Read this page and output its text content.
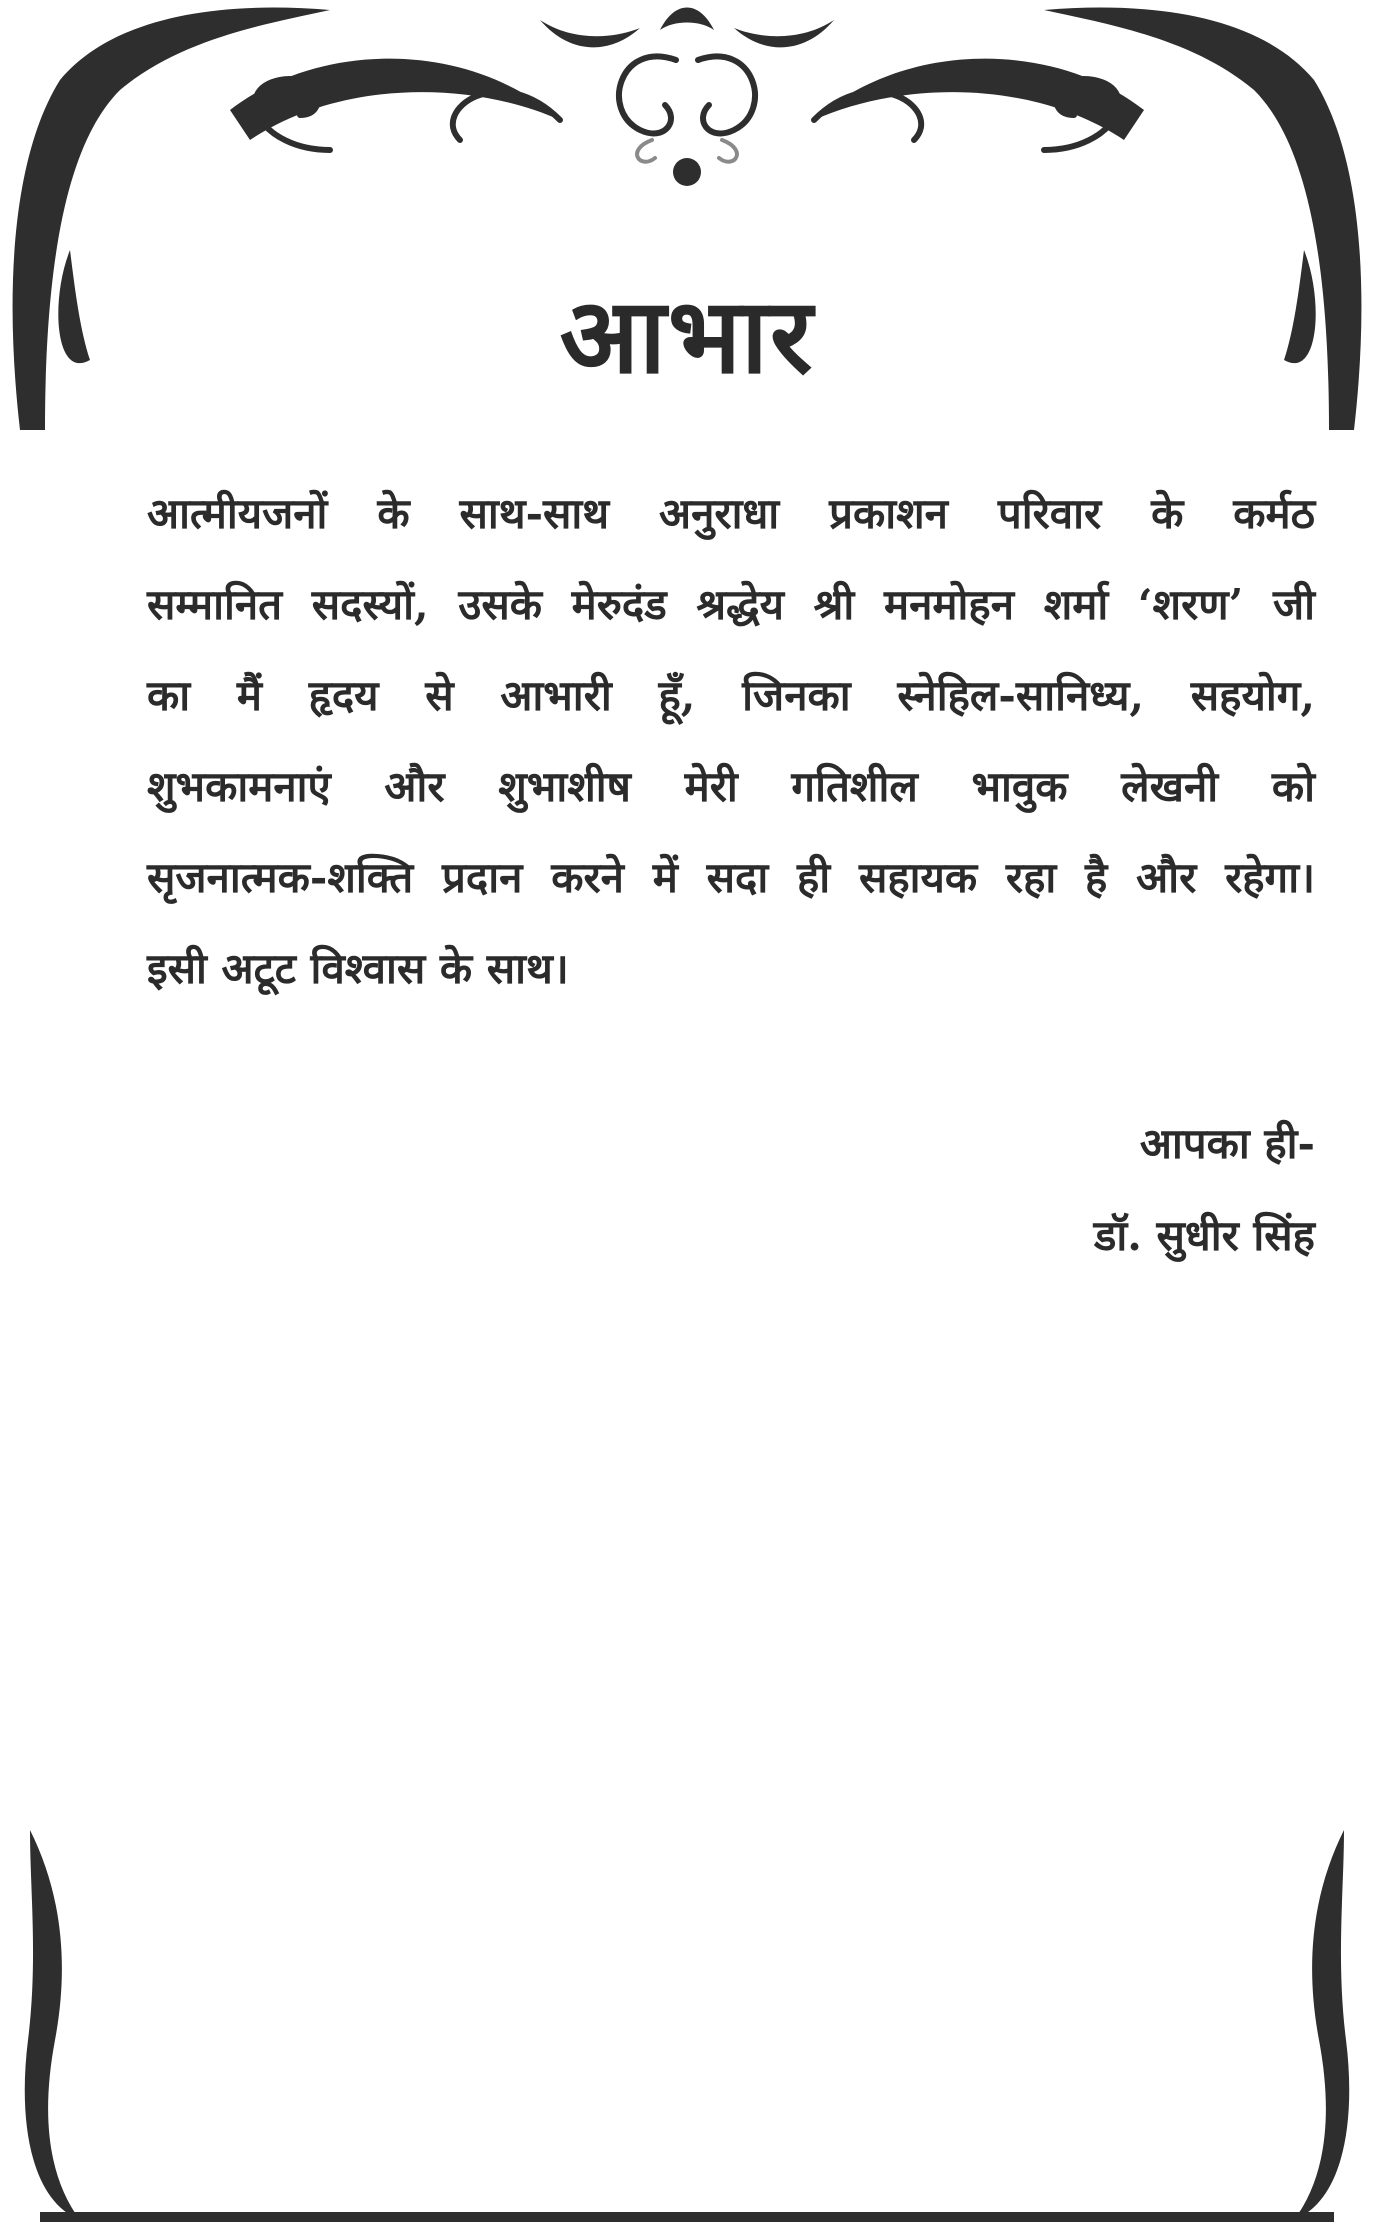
आभार
आत्मीयजनों के साथ-साथ अनुराधा प्रकाशन परिवार के कर्मठ
सम्मानित सदस्यों, उसके मेरुदंड श्रद्धेय श्री मनमोहन शर्मा ‘शरण’ जी
का मैं हृदय से आभारी हूँ, जिनका स्नेहिल-सानिध्य, सहयोग,
शुभकामनाएं और शुभाशीष मेरी गतिशील भावुक लेखनी को
सृजनात्मक-शक्ति प्रदान करने में सदा ही सहायक रहा है और रहेगा।
इसी अटूट विश्वास के साथ।
आपका ही-
डॉ. सुधीर सिंह
